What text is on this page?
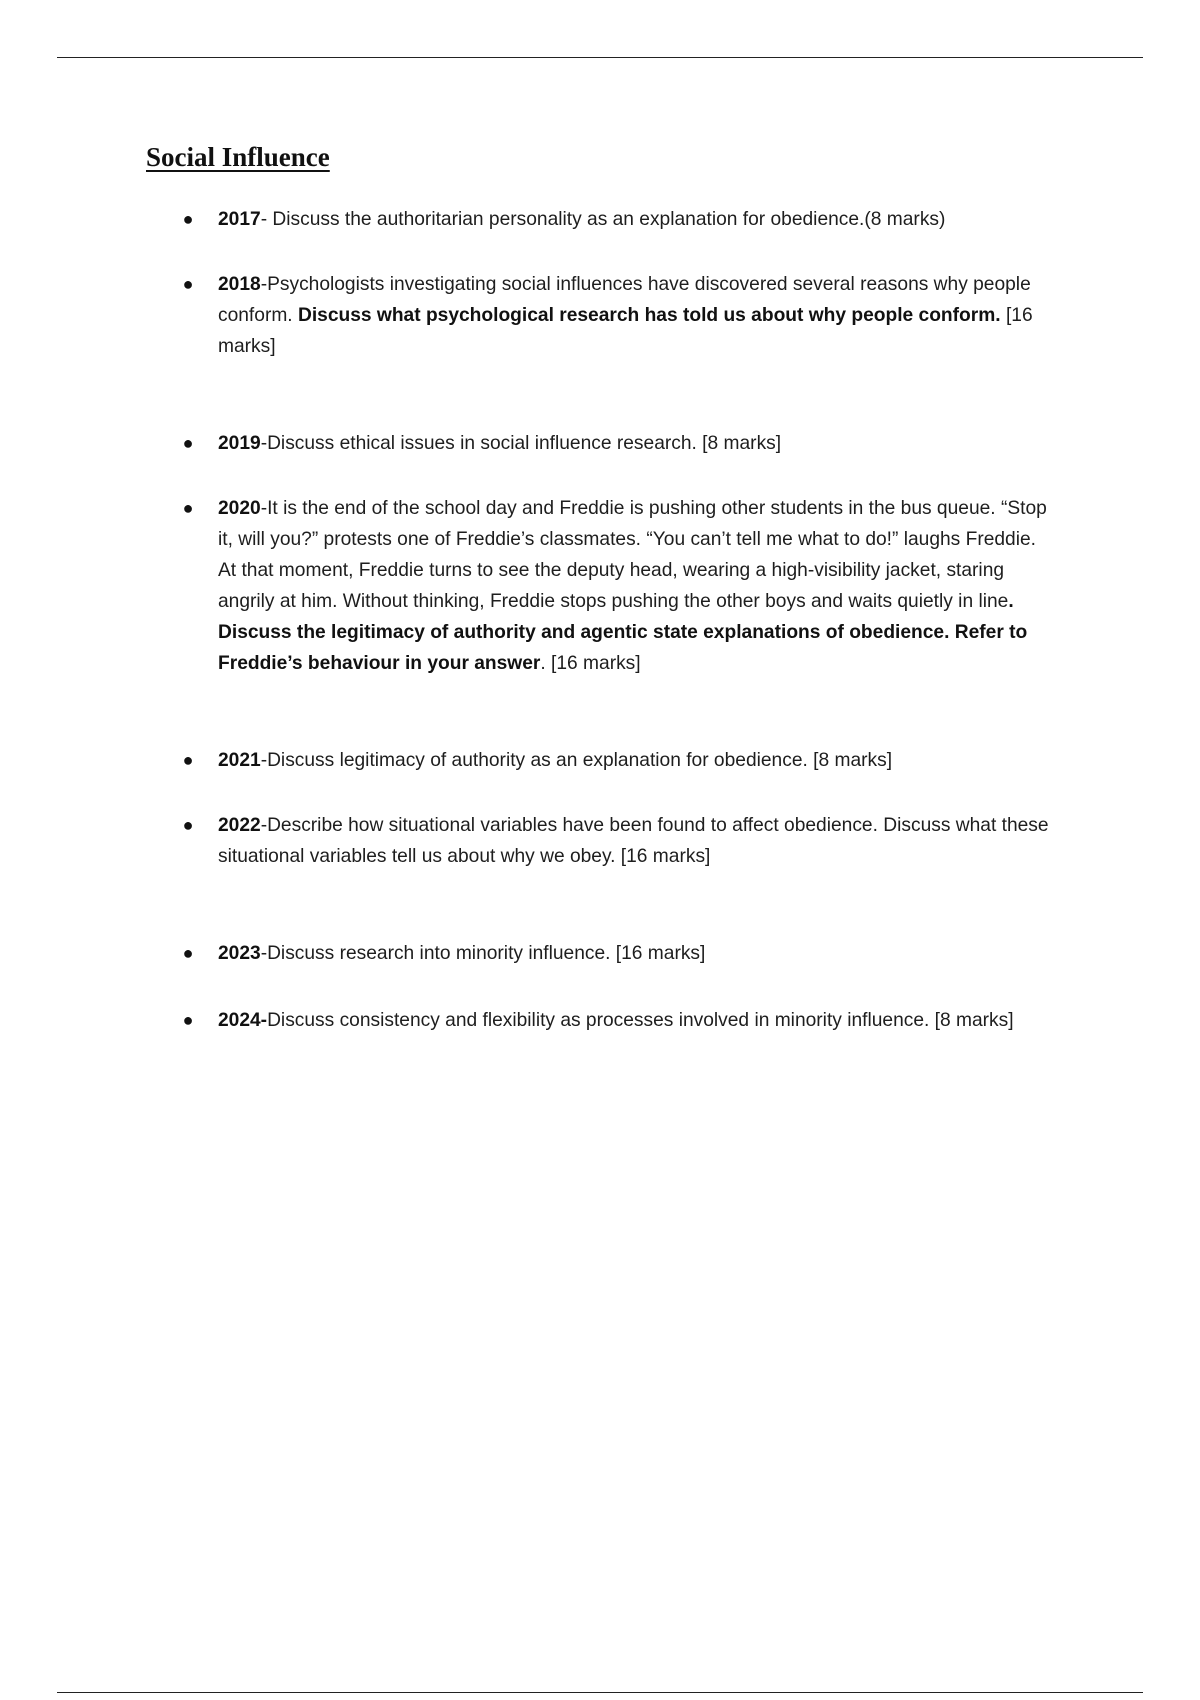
Social Influence
● 2017- Discuss the authoritarian personality as an explanation for obedience.(8 marks)
● 2018-Psychologists investigating social influences have discovered several reasons why people conform. Discuss what psychological research has told us about why people conform. [16 marks]
● 2019-Discuss ethical issues in social influence research. [8 marks]
● 2020-It is the end of the school day and Freddie is pushing other students in the bus queue. “Stop it, will you?” protests one of Freddie’s classmates. “You can’t tell me what to do!” laughs Freddie. At that moment, Freddie turns to see the deputy head, wearing a high-visibility jacket, staring angrily at him. Without thinking, Freddie stops pushing the other boys and waits quietly in line. Discuss the legitimacy of authority and agentic state explanations of obedience. Refer to Freddie’s behaviour in your answer. [16 marks]
● 2021-Discuss legitimacy of authority as an explanation for obedience. [8 marks]
● 2022-Describe how situational variables have been found to affect obedience. Discuss what these situational variables tell us about why we obey. [16 marks]
● 2023-Discuss research into minority influence. [16 marks]
● 2024-Discuss consistency and flexibility as processes involved in minority influence. [8 marks]
